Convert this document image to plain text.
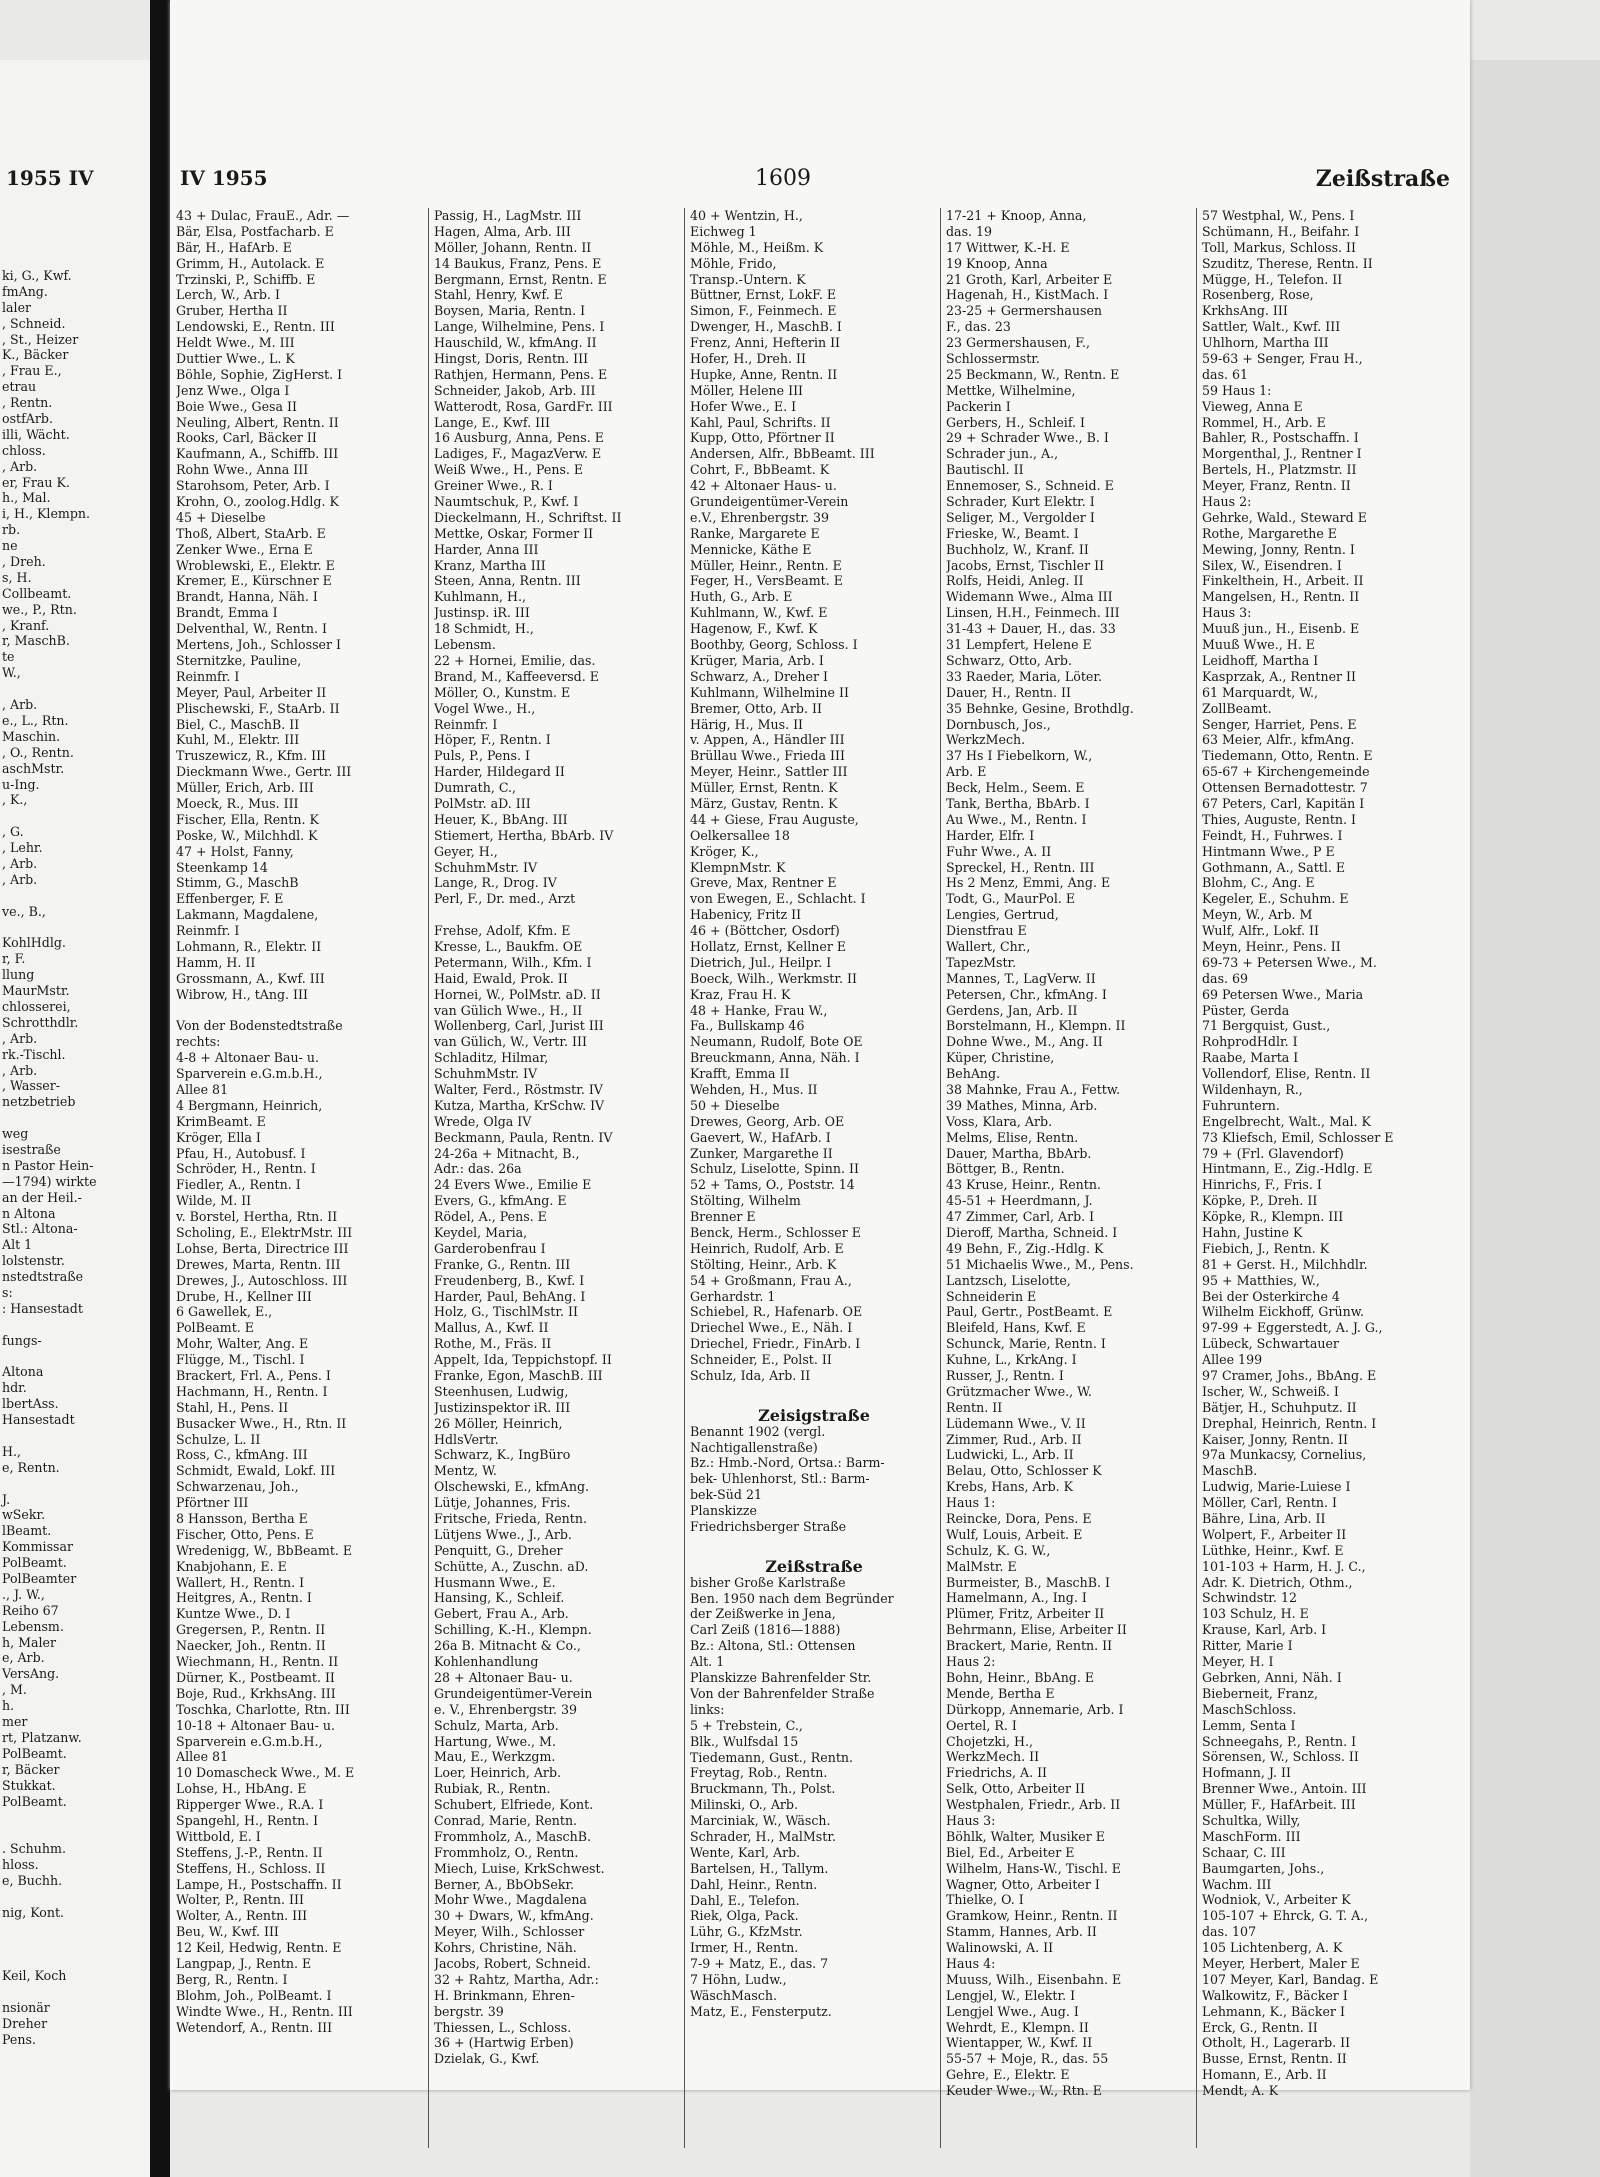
1955 IV
ki, G., Kwf.
fmAng.
laler
, Schneid.
, St., Heizer
K., Bäcker
, Frau E.,
etrau
, Rentn.
ostfArb.
illi, Wächt.
chloss.
, Arb.
er, Frau K.
h., Mal.
i, H., Klempn.
rb.
ne
, Dreh.
s, H.
Collbeamt.
we., P., Rtn.
, Kranf.
r, MaschB.
te
W.,
, Arb.
e., L., Rtn.
Maschin.
, O., Rentn.
aschMstr.
u-Ing.
, K.,
, G.
, Lehr.
, Arb.
, Arb.
ve., B.,
KohlHdlg.
r, F.
llung
MaurMstr.
chlosserei,
Schrotthdlr.
, Arb.
rk.-Tischl.
, Arb.
, Wasser-
netzbetrieb
weg
isestraße
n Pastor Hein-
—1794) wirkte
an der Heil.-
n Altona
Stl.: Altona-
Alt 1
lolstenstr.
nstedtstraße
s:
: Hansestadt
fungs-
Altona
hdr.
lbertAss.
Hansestadt
H.,
e, Rentn.
J.
wSekr.
lBeamt.
Kommissar
PolBeamt.
PolBeamter
., J. W.,
Reiho 67
Lebensm.
h, Maler
e, Arb.
VersAng.
, M.
h.
mer
rt, Platzanw.
PolBeamt.
r, Bäcker
Stukkat.
PolBeamt.
. Schuhm.
hloss.
e, Buchh.
nig, Kont.
Keil, Koch
nsionär
Dreher
Pens.
IV 1955	1609	Zeißstraße
43 + Dulac, FrauE., Adr. —
Bär, Elsa, Postfacharb. E
Bär, H., HafArb. E
Grimm, H., Autolack. E
Trzinski, P., Schiffb. E
Lerch, W., Arb. I
Gruber, Hertha II
Lendowski, E., Rentn. III
Heldt Wwe., M. III
Duttier Wwe., L. K
Böhle, Sophie, ZigHerst. I
Jenz Wwe., Olga I
Boie Wwe., Gesa II
Neuling, Albert, Rentn. II
Rooks, Carl, Bäcker II
Kaufmann, A., Schiffb. III
Rohn Wwe., Anna III
Starohsom, Peter, Arb. I
Krohn, O., zoolog.Hdlg. K
45 + Dieselbe
Thoß, Albert, StaArb. E
Zenker Wwe., Erna E
Wroblewski, E., Elektr. E
Kremer, E., Kürschner E
Brandt, Hanna, Näh. I
Brandt, Emma I
Delventhal, W., Rentn. I
Mertens, Joh., Schlosser I
Sternitzke, Pauline,
Reinmfr. I
Meyer, Paul, Arbeiter II
Plischewski, F., StaArb. II
Biel, C., MaschB. II
Kuhl, M., Elektr. III
Truszewicz, R., Kfm. III
Dieckmann Wwe., Gertr. III
Müller, Erich, Arb. III
Moeck, R., Mus. III
Fischer, Ella, Rentn. K
Poske, W., Milchhdl. K
47 + Holst, Fanny,
Steenkamp 14
Stimm, G., MaschB
Effenberger, F. E
Lakmann, Magdalene,
Reinmfr. I
Lohmann, R., Elektr. II
Hamm, H. II
Grossmann, A., Kwf. III
Wibrow, H., tAng. III
Von der Bodenstedtstraße
rechts:
4-8 + Altonaer Bau- u.
Sparverein e.G.m.b.H.,
Allee 81
4 Bergmann, Heinrich,
KrimBeamt. E
Kröger, Ella I
Pfau, H., Autobusf. I
Schröder, H., Rentn. I
Fiedler, A., Rentn. I
Wilde, M. II
v. Borstel, Hertha, Rtn. II
Scholing, E., ElektrMstr. III
Lohse, Berta, Directrice III
Drewes, Marta, Rentn. III
Drewes, J., Autoschloss. III
Drube, H., Kellner III
6 Gawellek, E.,
PolBeamt. E
Mohr, Walter, Ang. E
Flügge, M., Tischl. I
Brackert, Frl. A., Pens. I
Hachmann, H., Rentn. I
Stahl, H., Pens. II
Busacker Wwe., H., Rtn. II
Schulze, L. II
Ross, C., kfmAng. III
Schmidt, Ewald, Lokf. III
Schwarzenau, Joh.,
Pförtner III
8 Hansson, Bertha E
Fischer, Otto, Pens. E
Wredenigg, W., BbBeamt. E
Knabjohann, E. E
Wallert, H., Rentn. I
Heitgres, A., Rentn. I
Kuntze Wwe., D. I
Gregersen, P., Rentn. II
Naecker, Joh., Rentn. II
Wiechmann, H., Rentn. II
Dürner, K., Postbeamt. II
Boje, Rud., KrkhsAng. III
Toschka, Charlotte, Rtn. III
10-18 + Altonaer Bau- u.
Sparverein e.G.m.b.H.,
Allee 81
10 Domascheck Wwe., M. E
Lohse, H., HbAng. E
Ripperger Wwe., R.A. I
Spangehl, H., Rentn. I
Wittbold, E. I
Steffens, J.-P., Rentn. II
Steffens, H., Schloss. II
Lampe, H., Postschaffn. II
Wolter, P., Rentn. III
Wolter, A., Rentn. III
Beu, W., Kwf. III
12 Keil, Hedwig, Rentn. E
Langpap, J., Rentn. E
Berg, R., Rentn. I
Blohm, Joh., PolBeamt. I
Windte Wwe., H., Rentn. III
Wetendorf, A., Rentn. III
Passig, H., LagMstr. III
Hagen, Alma, Arb. III
Möller, Johann, Rentn. II
14 Baukus, Franz, Pens. E
Bergmann, Ernst, Rentn. E
Stahl, Henry, Kwf. E
Boysen, Maria, Rentn. I
Lange, Wilhelmine, Pens. I
Hauschild, W., kfmAng. II
Hingst, Doris, Rentn. III
Rathjen, Hermann, Pens. E
Schneider, Jakob, Arb. III
Watterodt, Rosa, GardFr. III
Lange, E., Kwf. III
16 Ausburg, Anna, Pens. E
Ladiges, F., MagazVerw. E
Weiß Wwe., H., Pens. E
Greiner Wwe., R. I
Naumtschuk, P., Kwf. I
Dieckelmann, H., Schriftst. II
Mettke, Oskar, Former II
Harder, Anna III
Kranz, Martha III
Steen, Anna, Rentn. III
Kuhlmann, H.,
Justinsp. iR. III
18 Schmidt, H.,
Lebensm.
22 + Hornei, Emilie, das.
Brand, M., Kaffeeversd. E
Möller, O., Kunstm. E
Vogel Wwe., H.,
Reinmfr. I
Höper, F., Rentn. I
Puls, P., Pens. I
Harder, Hildegard II
Dumrath, C.,
PolMstr. aD. III
Heuer, K., BbAng. III
Stiemert, Hertha, BbArb. IV
Geyer, H.,
SchuhmMstr. IV
Lange, R., Drog. IV
Perl, F., Dr. med., Arzt
Frehse, Adolf, Kfm. E
Kresse, L., Baukfm. OE
Petermann, Wilh., Kfm. I
Haid, Ewald, Prok. II
Hornei, W., PolMstr. aD. II
van Gülich Wwe., H., II
Wollenberg, Carl, Jurist III
van Gülich, W., Vertr. III
Schladitz, Hilmar,
SchuhmMstr. IV
Walter, Ferd., Röstmstr. IV
Kutza, Martha, KrSchw. IV
Wrede, Olga IV
Beckmann, Paula, Rentn. IV
24-26a + Mitnacht, B.,
Adr.: das. 26a
24 Evers Wwe., Emilie E
Evers, G., kfmAng. E
Rödel, A., Pens. E
Keydel, Maria,
Garderobenfrau I
Franke, G., Rentn. III
Freudenberg, B., Kwf. I
Harder, Paul, BehAng. I
Holz, G., TischlMstr. II
Mallus, A., Kwf. II
Rothe, M., Fräs. II
Appelt, Ida, Teppichstopf. II
Franke, Egon, MaschB. III
Steenhusen, Ludwig,
Justizinspektor iR. III
26 Möller, Heinrich,
HdlsVertr.
Schwarz, K., IngBüro
Mentz, W.
Olschewski, E., kfmAng.
Lütje, Johannes, Fris.
Fritsche, Frieda, Rentn.
Lütjens Wwe., J., Arb.
Penquitt, G., Dreher
Schütte, A., Zuschn. aD.
Husmann Wwe., E.
Hansing, K., Schleif.
Gebert, Frau A., Arb.
Schilling, K.-H., Klempn.
26a B. Mitnacht & Co.,
Kohlenhandlung
28 + Altonaer Bau- u.
Grundeigentümer-Verein
e. V., Ehrenbergstr. 39
Schulz, Marta, Arb.
Hartung, Wwe., M.
Mau, E., Werkzgm.
Loer, Heinrich, Arb.
Rubiak, R., Rentn.
Schubert, Elfriede, Kont.
Conrad, Marie, Rentn.
Frommholz, A., MaschB.
Frommholz, O., Rentn.
Miech, Luise, KrkSchwest.
Berner, A., BbObSekr.
Mohr Wwe., Magdalena
30 + Dwars, W., kfmAng.
Meyer, Wilh., Schlosser
Kohrs, Christine, Näh.
Jacobs, Robert, Schneid.
32 + Rahtz, Martha, Adr.:
H. Brinkmann, Ehren-
bergstr. 39
Thiessen, L., Schloss.
36 + (Hartwig Erben)
Dzielak, G., Kwf.
40 + Wentzin, H.,
Eichweg 1
Möhle, M., Heißm. K
Möhle, Frido,
Transp.-Untern. K
Büttner, Ernst, LokF. E
Simon, F., Feinmech. E
Dwenger, H., MaschB. I
Frenz, Anni, Hefterin II
Hofer, H., Dreh. II
Hupke, Anne, Rentn. II
Möller, Helene III
Hofer Wwe., E. I
Kahl, Paul, Schrifts. II
Kupp, Otto, Pförtner II
Andersen, Alfr., BbBeamt. III
Cohrt, F., BbBeamt. K
42 + Altonaer Haus- u.
Grundeigentümer-Verein
e.V., Ehrenbergstr. 39
Ranke, Margarete E
Mennicke, Käthe E
Müller, Heinr., Rentn. E
Feger, H., VersBeamt. E
Huth, G., Arb. E
Kuhlmann, W., Kwf. E
Hagenow, F., Kwf. K
Boothby, Georg, Schloss. I
Krüger, Maria, Arb. I
Schwarz, A., Dreher I
Kuhlmann, Wilhelmine II
Bremer, Otto, Arb. II
Härig, H., Mus. II
v. Appen, A., Händler III
Brüllau Wwe., Frieda III
Meyer, Heinr., Sattler III
Müller, Ernst, Rentn. K
März, Gustav, Rentn. K
44 + Giese, Frau Auguste,
Oelkersallee 18
Kröger, K.,
KlempnMstr. K
Greve, Max, Rentner E
von Ewegen, E., Schlacht. I
Habenicy, Fritz II
46 + (Böttcher, Osdorf)
Hollatz, Ernst, Kellner E
Dietrich, Jul., Heilpr. I
Boeck, Wilh., Werkmstr. II
Kraz, Frau H. K
48 + Hanke, Frau W.,
Fa., Bullskamp 46
Neumann, Rudolf, Bote OE
Breuckmann, Anna, Näh. I
Krafft, Emma II
Wehden, H., Mus. II
50 + Dieselbe
Drewes, Georg, Arb. OE
Gaevert, W., HafArb. I
Zunker, Margarethe II
Schulz, Liselotte, Spinn. II
52 + Tams, O., Poststr. 14
Stölting, Wilhelm
Brenner E
Benck, Herm., Schlosser E
Heinrich, Rudolf, Arb. E
Stölting, Heinr., Arb. K
54 + Großmann, Frau A.,
Gerhardstr. 1
Schiebel, R., Hafenarb. OE
Driechel Wwe., E., Näh. I
Driechel, Friedr., FinArb. I
Schneider, E., Polst. II
Schulz, Ida, Arb. II
Zeisigstraße
Benannt 1902 (vergl.
Nachtigallenstraße)
Bz.: Hmb.-Nord, Ortsa.: Barm-
bek- Uhlenhorst, Stl.: Barm-
bek-Süd 21
Planskizze
Friedrichsberger Straße
Zeißstraße
bisher Große Karlstraße
Ben. 1950 nach dem Begründer
der Zeißwerke in Jena,
Carl Zeiß (1816—1888)
Bz.: Altona, Stl.: Ottensen
Alt. 1
Planskizze Bahrenfelder Str.
Von der Bahrenfelder Straße
links:
5 + Trebstein, C.,
Blk., Wulfsdal 15
Tiedemann, Gust., Rentn.
Freytag, Rob., Rentn.
Bruckmann, Th., Polst.
Milinski, O., Arb.
Marciniak, W., Wäsch.
Schrader, H., MalMstr.
Wente, Karl, Arb.
Bartelsen, H., Tallym.
Dahl, Heinr., Rentn.
Dahl, E., Telefon.
Riek, Olga, Pack.
Lühr, G., KfzMstr.
Irmer, H., Rentn.
7-9 + Matz, E., das. 7
7 Höhn, Ludw.,
WäschMasch.
Matz, E., Fensterputz.
17-21 + Knoop, Anna,
das. 19
17 Wittwer, K.-H. E
19 Knoop, Anna
21 Groth, Karl, Arbeiter E
Hagenah, H., KistMach. I
23-25 + Germershausen
F., das. 23
23 Germershausen, F.,
Schlossermstr.
25 Beckmann, W., Rentn. E
Mettke, Wilhelmine,
Packerin I
Gerbers, H., Schleif. I
29 + Schrader Wwe., B. I
Schrader jun., A.,
Bautischl. II
Ennemoser, S., Schneid. E
Schrader, Kurt Elektr. I
Seliger, M., Vergolder I
Frieske, W., Beamt. I
Buchholz, W., Kranf. II
Jacobs, Ernst, Tischler II
Rolfs, Heidi, Anleg. II
Widemann Wwe., Alma III
Linsen, H.H., Feinmech. III
31-43 + Dauer, H., das. 33
31 Lempfert, Helene E
Schwarz, Otto, Arb.
33 Raeder, Maria, Löter.
Dauer, H., Rentn. II
35 Behnke, Gesine, Brothdlg.
Dornbusch, Jos.,
WerkzMech.
37 Hs I Fiebelkorn, W.,
Arb. E
Beck, Helm., Seem. E
Tank, Bertha, BbArb. I
Au Wwe., M., Rentn. I
Harder, Elfr. I
Fuhr Wwe., A. II
Spreckel, H., Rentn. III
Hs 2 Menz, Emmi, Ang. E
Todt, G., MaurPol. E
Lengies, Gertrud,
Dienstfrau E
Wallert, Chr.,
TapezMstr.
Mannes, T., LagVerw. II
Petersen, Chr., kfmAng. I
Gerdens, Jan, Arb. II
Borstelmann, H., Klempn. II
Dohne Wwe., M., Ang. II
Küper, Christine,
BehAng.
38 Mahnke, Frau A., Fettw.
39 Mathes, Minna, Arb.
Voss, Klara, Arb.
Melms, Elise, Rentn.
Dauer, Martha, BbArb.
Böttger, B., Rentn.
43 Kruse, Heinr., Rentn.
45-51 + Heerdmann, J.
47 Zimmer, Carl, Arb. I
Dieroff, Martha, Schneid. I
49 Behn, F., Zig.-Hdlg. K
51 Michaelis Wwe., M., Pens.
Lantzsch, Liselotte,
Schneiderin E
Paul, Gertr., PostBeamt. E
Bleifeld, Hans, Kwf. E
Schunck, Marie, Rentn. I
Kuhne, L., KrkAng. I
Russer, J., Rentn. I
Grützmacher Wwe., W.
Rentn. II
Lüdemann Wwe., V. II
Zimmer, Rud., Arb. II
Ludwicki, L., Arb. II
Belau, Otto, Schlosser K
Krebs, Hans, Arb. K
Haus 1:
Reincke, Dora, Pens. E
Wulf, Louis, Arbeit. E
Schulz, K. G. W.,
MalMstr. E
Burmeister, B., MaschB. I
Hamelmann, A., Ing. I
Plümer, Fritz, Arbeiter II
Behrmann, Elise, Arbeiter II
Brackert, Marie, Rentn. II
Haus 2:
Bohn, Heinr., BbAng. E
Mende, Bertha E
Dürkopp, Annemarie, Arb. I
Oertel, R. I
Chojetzki, H.,
WerkzMech. II
Friedrichs, A. II
Selk, Otto, Arbeiter II
Westphalen, Friedr., Arb. II
Haus 3:
Böhlk, Walter, Musiker E
Biel, Ed., Arbeiter E
Wilhelm, Hans-W., Tischl. E
Wagner, Otto, Arbeiter I
Thielke, O. I
Gramkow, Heinr., Rentn. II
Stamm, Hannes, Arb. II
Walinowski, A. II
Haus 4:
Muuss, Wilh., Eisenbahn. E
Lengjel, W., Elektr. I
Lengjel Wwe., Aug. I
Wehrdt, E., Klempn. II
Wientapper, W., Kwf. II
55-57 + Moje, R., das. 55
Gehre, E., Elektr. E
Keuder Wwe., W., Rtn. E
57 Westphal, W., Pens. I
Schümann, H., Beifahr. I
Toll, Markus, Schloss. II
Szuditz, Therese, Rentn. II
Mügge, H., Telefon. II
Rosenberg, Rose,
KrkhsAng. III
Sattler, Walt., Kwf. III
Uhlhorn, Martha III
59-63 + Senger, Frau H.,
das. 61
59 Haus 1:
Vieweg, Anna E
Rommel, H., Arb. E
Bahler, R., Postschaffn. I
Morgenthal, J., Rentner I
Bertels, H., Platzmstr. II
Meyer, Franz, Rentn. II
Haus 2:
Gehrke, Wald., Steward E
Rothe, Margarethe E
Mewing, Jonny, Rentn. I
Silex, W., Eisendren. I
Finkelthein, H., Arbeit. II
Mangelsen, H., Rentn. II
Haus 3:
Muuß jun., H., Eisenb. E
Muuß Wwe., H. E
Leidhoff, Martha I
Kasprzak, A., Rentner II
61 Marquardt, W.,
ZollBeamt.
Senger, Harriet, Pens. E
63 Meier, Alfr., kfmAng.
Tiedemann, Otto, Rentn. E
65-67 + Kirchengemeinde
Ottensen Bernadottestr. 7
67 Peters, Carl, Kapitän I
Thies, Auguste, Rentn. I
Feindt, H., Fuhrwes. I
Hintmann Wwe., P E
Gothmann, A., Sattl. E
Blohm, C., Ang. E
Kegeler, E., Schuhm. E
Meyn, W., Arb. M
Wulf, Alfr., Lokf. II
Meyn, Heinr., Pens. II
69-73 + Petersen Wwe., M.
das. 69
69 Petersen Wwe., Maria
Püster, Gerda
71 Bergquist, Gust.,
RohprodHdlr. I
Raabe, Marta I
Vollendorf, Elise, Rentn. II
Wildenhayn, R.,
Fuhruntern.
Engelbrecht, Walt., Mal. K
73 Kliefsch, Emil, Schlosser E
79 + (Frl. Glavendorf)
Hintmann, E., Zig.-Hdlg. E
Hinrichs, F., Fris. I
Köpke, P., Dreh. II
Köpke, R., Klempn. III
Hahn, Justine K
Fiebich, J., Rentn. K
81 + Gerst. H., Milchhdlr.
95 + Matthies, W.,
Bei der Osterkirche 4
Wilhelm Eickhoff, Grünw.
97-99 + Eggerstedt, A. J. G.,
Lübeck, Schwartauer
Allee 199
97 Cramer, Johs., BbAng. E
Ischer, W., Schweiß. I
Bätjer, H., Schuhputz. II
Drephal, Heinrich, Rentn. I
Kaiser, Jonny, Rentn. II
97a Munkacsy, Cornelius,
MaschB.
Ludwig, Marie-Luiese I
Möller, Carl, Rentn. I
Bähre, Lina, Arb. II
Wolpert, F., Arbeiter II
Lüthke, Heinr., Kwf. E
101-103 + Harm, H. J. C.,
Adr. K. Dietrich, Othm.,
Schwindstr. 12
103 Schulz, H. E
Krause, Karl, Arb. I
Ritter, Marie I
Meyer, H. I
Gebrken, Anni, Näh. I
Bieberneit, Franz,
MaschSchloss.
Lemm, Senta I
Schneegahs, P., Rentn. I
Sörensen, W., Schloss. II
Hofmann, J. II
Brenner Wwe., Antoin. III
Müller, F., HafArbeit. III
Schultka, Willy,
MaschForm. III
Schaar, C. III
Baumgarten, Johs.,
Wachm. III
Wodniok, V., Arbeiter K
105-107 + Ehrck, G. T. A.,
das. 107
105 Lichtenberg, A. K
Meyer, Herbert, Maler E
107 Meyer, Karl, Bandag. E
Walkowitz, F., Bäcker I
Lehmann, K., Bäcker I
Erck, G., Rentn. II
Otholt, H., Lagerarb. II
Busse, Ernst, Rentn. II
Homann, E., Arb. II
Mendt, A. K
